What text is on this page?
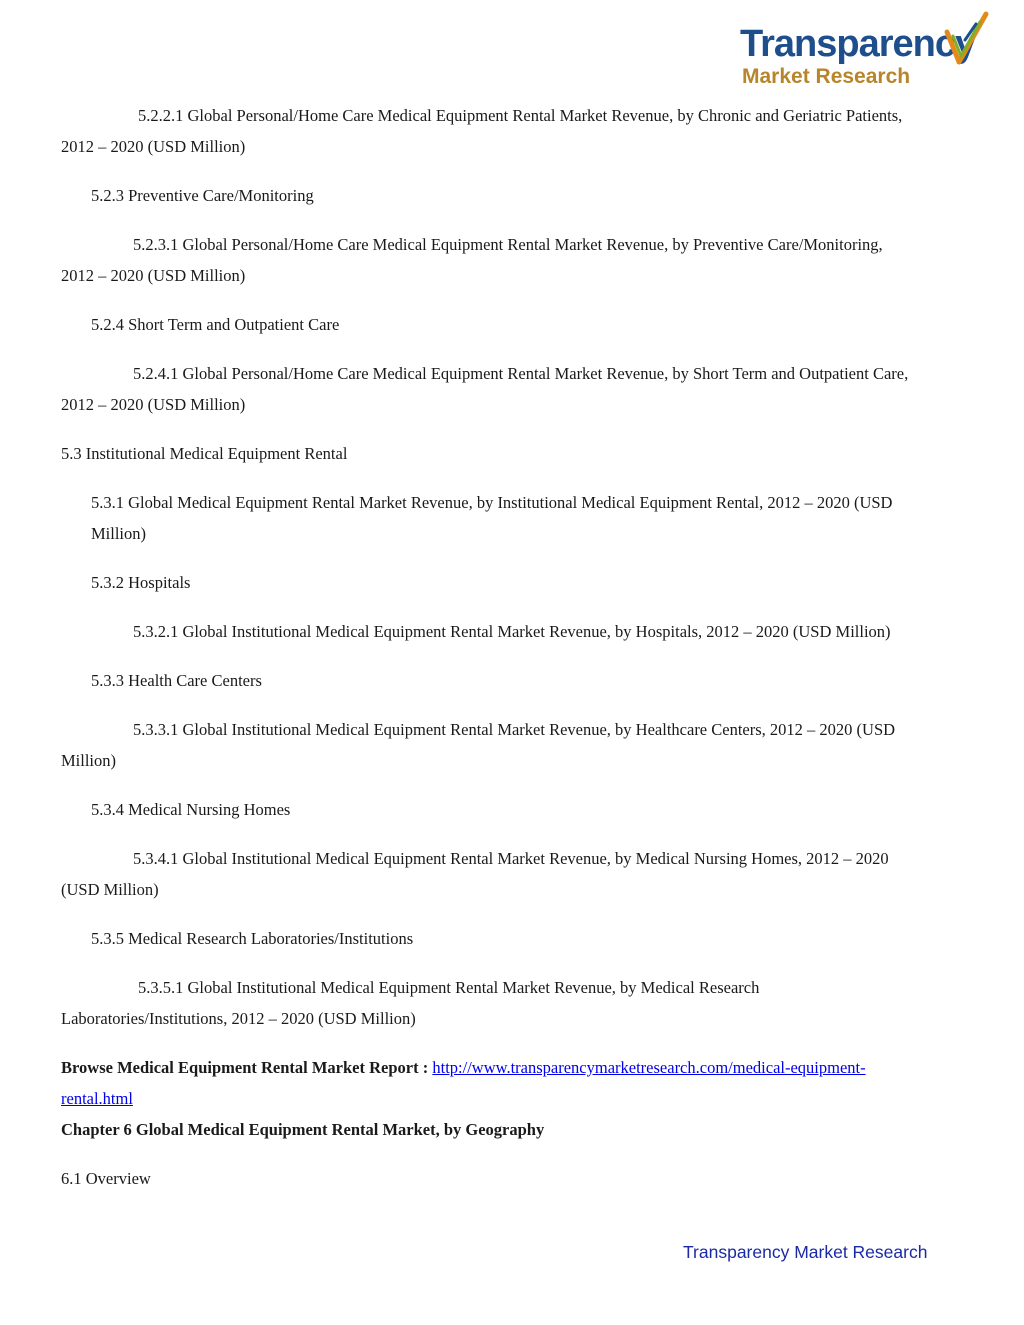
Transparency
Market Research

5.2.2.1 Global Personal/Home Care Medical Equipment Rental Market Revenue, by Chronic and Geriatric Patients, 2012 – 2020 (USD Million)

5.2.3 Preventive Care/Monitoring

5.2.3.1 Global Personal/Home Care Medical Equipment Rental Market Revenue, by Preventive Care/Monitoring, 2012 – 2020 (USD Million)

5.2.4 Short Term and Outpatient Care

5.2.4.1 Global Personal/Home Care Medical Equipment Rental Market Revenue, by Short Term and Outpatient Care, 2012 – 2020 (USD Million)

5.3 Institutional Medical Equipment Rental

5.3.1 Global Medical Equipment Rental Market Revenue, by Institutional Medical Equipment Rental, 2012 – 2020 (USD Million)

5.3.2 Hospitals

5.3.2.1 Global Institutional Medical Equipment Rental Market Revenue, by Hospitals, 2012 – 2020 (USD Million)

5.3.3 Health Care Centers

5.3.3.1 Global Institutional Medical Equipment Rental Market Revenue, by Healthcare Centers, 2012 – 2020 (USD Million)

5.3.4 Medical Nursing Homes

5.3.4.1 Global Institutional Medical Equipment Rental Market Revenue, by Medical Nursing Homes, 2012 – 2020 (USD Million)

5.3.5 Medical Research Laboratories/Institutions

5.3.5.1 Global Institutional Medical Equipment Rental Market Revenue, by Medical Research Laboratories/Institutions, 2012 – 2020 (USD Million)

Browse Medical Equipment Rental Market Report : http://www.transparencymarketresearch.com/medical-equipment-rental.html

Chapter 6 Global Medical Equipment Rental Market, by Geography

6.1 Overview

Transparency Market Research
